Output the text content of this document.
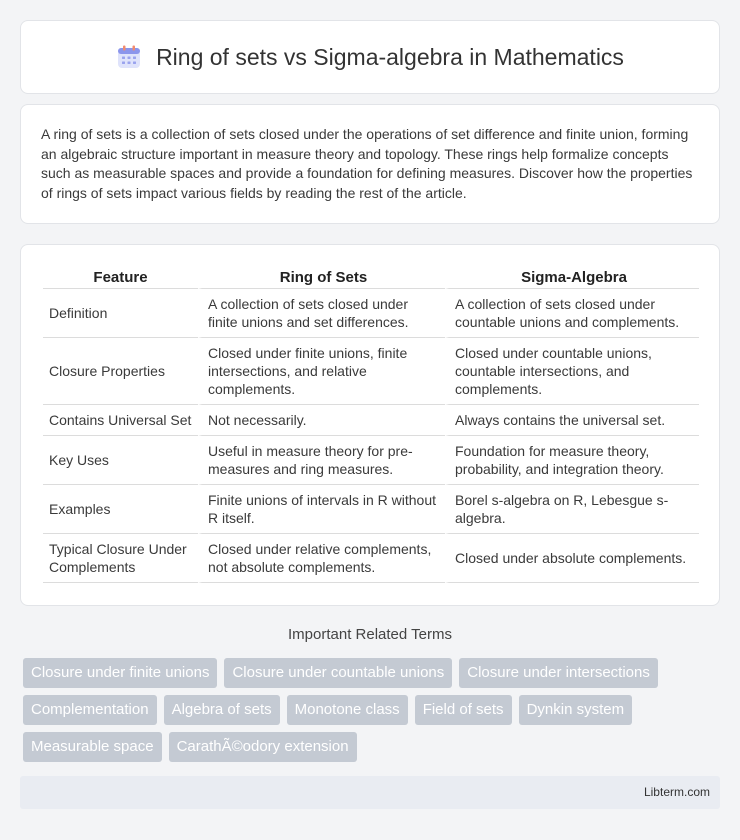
Ring of sets vs Sigma-algebra in Mathematics

A ring of sets is a collection of sets closed under the operations of set difference and finite union, forming an algebraic structure important in measure theory and topology. These rings help formalize concepts such as measurable spaces and provide a foundation for defining measures. Discover how the properties of rings of sets impact various fields by reading the rest of the article.

Feature	Ring of Sets	Sigma-Algebra
Definition	A collection of sets closed under finite unions and set differences.	A collection of sets closed under countable unions and complements.
Closure Properties	Closed under finite unions, finite intersections, and relative complements.	Closed under countable unions, countable intersections, and complements.
Contains Universal Set	Not necessarily.	Always contains the universal set.
Key Uses	Useful in measure theory for pre-measures and ring measures.	Foundation for measure theory, probability, and integration theory.
Examples	Finite unions of intervals in R without R itself.	Borel s-algebra on R, Lebesgue s-algebra.
Typical Closure Under Complements	Closed under relative complements, not absolute complements.	Closed under absolute complements.
Important Related Terms
Closure under finite unions	Closure under countable unions	Closure under intersections
Complementation	Algebra of sets	Monotone class	Field of sets	Dynkin system
Measurable space	CarathÃ©odory extension
Libterm.com
